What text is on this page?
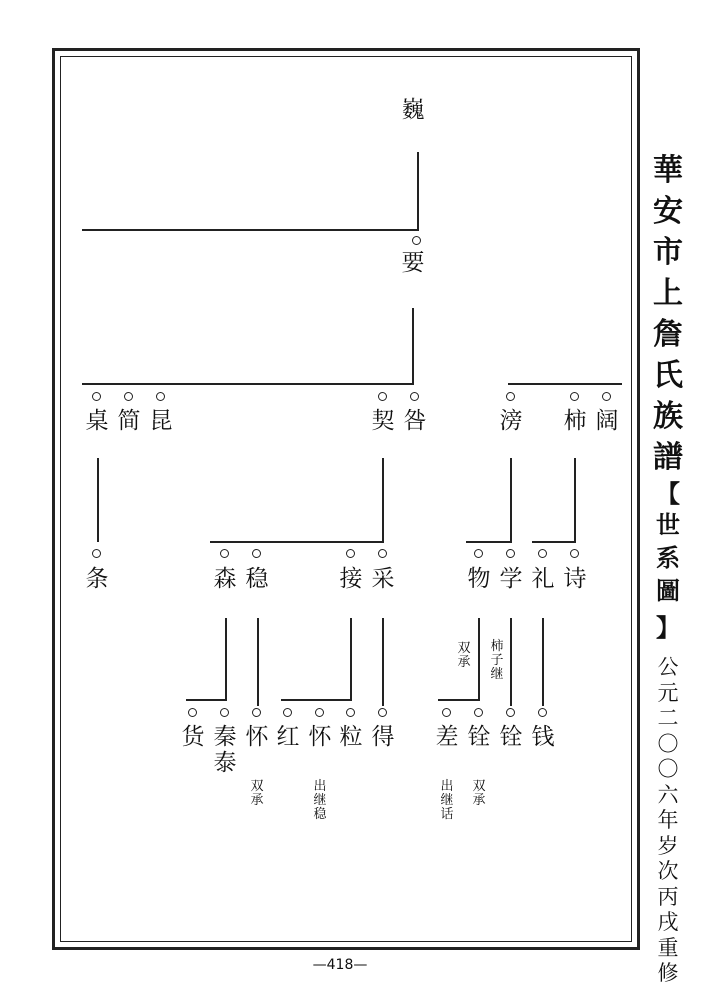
華安市上詹氏族譜
【
世系圖
】
公元二〇〇六年岁次丙戌重修
—418—
巍
要
桌 简 昆	契 咎	滂 柿 阔
条	森 稳	接 采	物 学 礼 诗
双承
柿子继
货 秦泰
怀 红 怀 粒 得 差 铨 铨 钱
双承
出继稳
出继话
双承
